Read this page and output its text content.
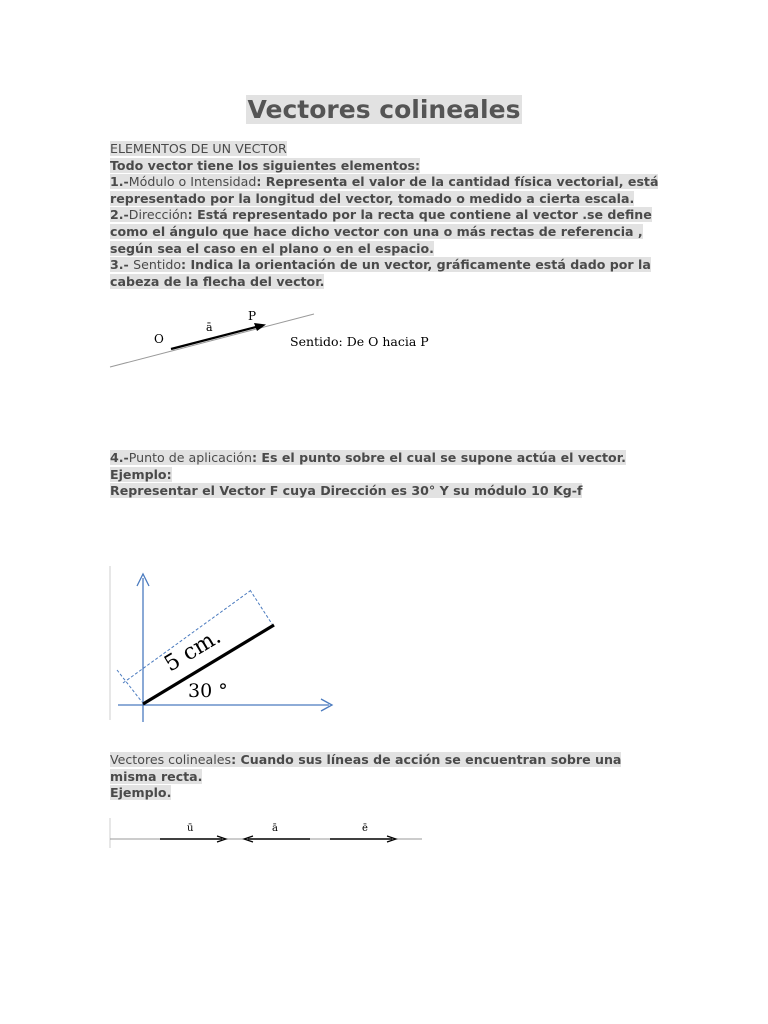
Vectores colineales

ELEMENTOS DE UN VECTOR

Todo vector tiene los siguientes elementos:

1.-Módulo o Intensidad: Representa el valor de la cantidad física vectorial, está representado por la longitud del vector, tomado o medido a cierta escala.

2.-Dirección: Está representado por la recta que contiene al vector .se define como el ángulo que hace dicho vector con una o más rectas de referencia , según sea el caso en el plano o en el espacio.

3.- Sentido: Indica la orientación de un vector, gráficamente está dado por la cabeza de la flecha del vector.

O
ā
P
Sentido: De O hacia P

4.-Punto de aplicación: Es el punto sobre el cual se supone actúa el vector.

Ejemplo:

Representar el Vector F cuya Dirección es 30° Y su módulo 10 Kg-f

5 cm.
30 °

Vectores colineales: Cuando sus líneas de acción se encuentran sobre una misma recta.

Ejemplo.

ū	ā	ē
